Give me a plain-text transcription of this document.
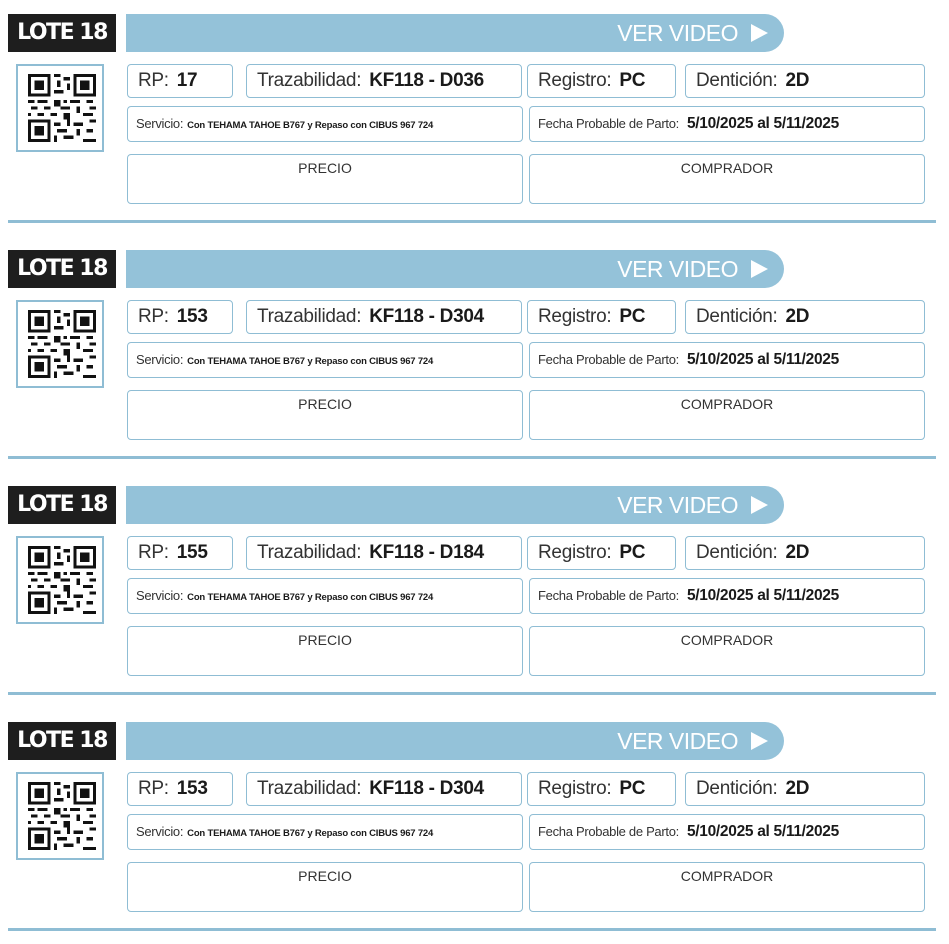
LOTE 18	VER VIDEO
RP: 17	Trazabilidad: KF118 - D036	Registro: PC	Dentición: 2D
Servicio: Con TEHAMA TAHOE B767 y Repaso con CIBUS 967 724	Fecha Probable de Parto: 5/10/2025 al 5/11/2025
PRECIO	COMPRADOR
LOTE 18	VER VIDEO
RP: 153	Trazabilidad: KF118 - D304	Registro: PC	Dentición: 2D
Servicio: Con TEHAMA TAHOE B767 y Repaso con CIBUS 967 724	Fecha Probable de Parto: 5/10/2025 al 5/11/2025
PRECIO	COMPRADOR
LOTE 18	VER VIDEO
RP: 155	Trazabilidad: KF118 - D184	Registro: PC	Dentición: 2D
Servicio: Con TEHAMA TAHOE B767 y Repaso con CIBUS 967 724	Fecha Probable de Parto: 5/10/2025 al 5/11/2025
PRECIO	COMPRADOR
LOTE 18	VER VIDEO
RP: 153	Trazabilidad: KF118 - D304	Registro: PC	Dentición: 2D
Servicio: Con TEHAMA TAHOE B767 y Repaso con CIBUS 967 724	Fecha Probable de Parto: 5/10/2025 al 5/11/2025
PRECIO	COMPRADOR
